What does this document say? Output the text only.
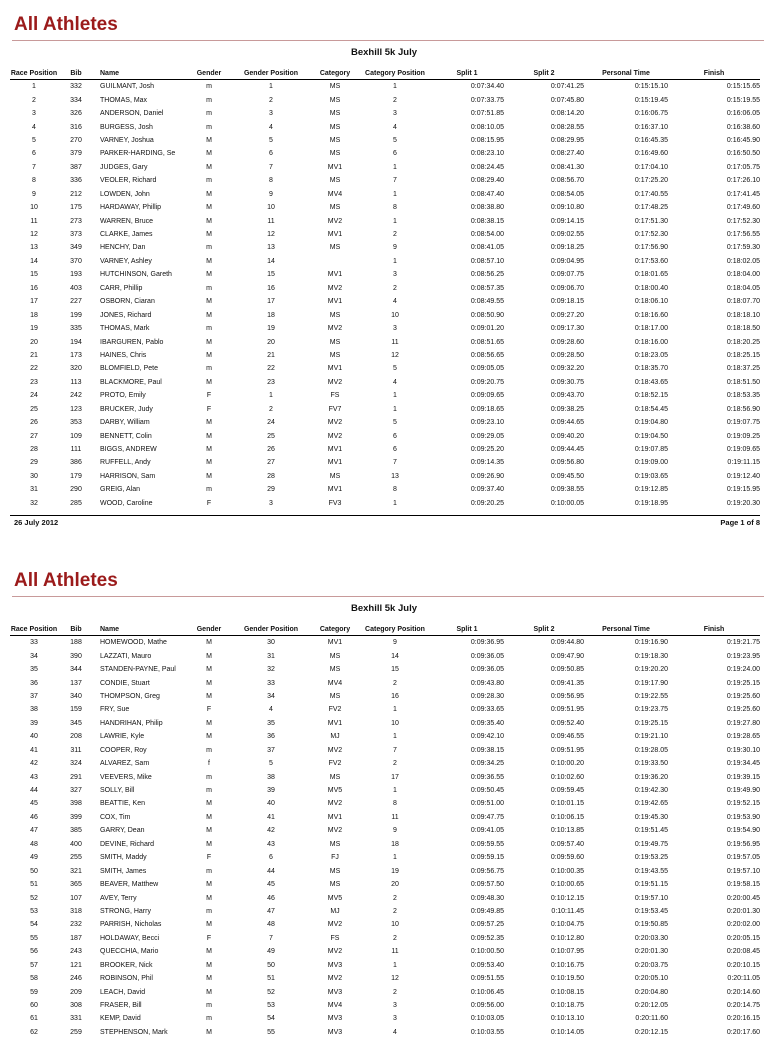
All Athletes
Bexhill 5k July
Race Position	Bib	Name	Gender	Gender Position	Category	Category Position	Split 1	Split 2	Personal Time	Finish
1	332	GUILMANT, Josh	m	1	MS	1	0:07:34.40	0:07:41.25	0:15:15.10	0:15:15.65
2	334	THOMAS, Max	m	2	MS	2	0:07:33.75	0:07:45.80	0:15:19.45	0:15:19.55
3	326	ANDERSON, Daniel	m	3	MS	3	0:07:51.85	0:08:14.20	0:16:06.75	0:16:06.05
4	316	BURGESS, Josh	m	4	MS	4	0:08:10.05	0:08:28.55	0:16:37.10	0:16:38.60
5	270	VARNEY, Joshua	M	5	MS	5	0:08:15.95	0:08:29.95	0:16:45.35	0:16:45.90
6	379	PARKER-HARDING, Se	M	6	MS	6	0:08:23.10	0:08:27.40	0:16:49.60	0:16:50.50
7	387	JUDGES, Gary	M	7	MV1	1	0:08:24.45	0:08:41.30	0:17:04.10	0:17:05.75
8	336	VEOLER, Richard	m	8	MS	7	0:08:29.40	0:08:56.70	0:17:25.20	0:17:26.10
9	212	LOWDEN, John	M	9	MV4	1	0:08:47.40	0:08:54.05	0:17:40.55	0:17:41.45
10	175	HARDAWAY, Phillip	M	10	MS	8	0:08:38.80	0:09:10.80	0:17:48.25	0:17:49.60
11	273	WARREN, Bruce	M	11	MV2	1	0:08:38.15	0:09:14.15	0:17:51.30	0:17:52.30
12	373	CLARKE, James	M	12	MV1	2	0:08:54.00	0:09:02.55	0:17:52.30	0:17:56.55
13	349	HENCHY, Dan	m	13	MS	9	0:08:41.05	0:09:18.25	0:17:56.90	0:17:59.30
14	370	VARNEY, Ashley	M	14		1	0:08:57.10	0:09:04.95	0:17:53.60	0:18:02.05
15	193	HUTCHINSON, Gareth	M	15	MV1	3	0:08:56.25	0:09:07.75	0:18:01.65	0:18:04.00
16	403	CARR, Phillip	m	16	MV2	2	0:08:57.35	0:09:06.70	0:18:00.40	0:18:04.05
17	227	OSBORN, Ciaran	M	17	MV1	4	0:08:49.55	0:09:18.15	0:18:06.10	0:18:07.70
18	199	JONES, Richard	M	18	MS	10	0:08:50.90	0:09:27.20	0:18:16.60	0:18:18.10
19	335	THOMAS, Mark	m	19	MV2	3	0:09:01.20	0:09:17.30	0:18:17.00	0:18:18.50
20	194	IBARGUREN, Pablo	M	20	MS	11	0:08:51.65	0:09:28.60	0:18:16.00	0:18:20.25
21	173	HAINES, Chris	M	21	MS	12	0:08:56.65	0:09:28.50	0:18:23.05	0:18:25.15
22	320	BLOMFIELD, Pete	m	22	MV1	5	0:09:05.05	0:09:32.20	0:18:35.70	0:18:37.25
23	113	BLACKMORE, Paul	M	23	MV2	4	0:09:20.75	0:09:30.75	0:18:43.65	0:18:51.50
24	242	PROTO, Emily	F	1	FS	1	0:09:09.65	0:09:43.70	0:18:52.15	0:18:53.35
25	123	BRUCKER, Judy	F	2	FV7	1	0:09:18.65	0:09:38.25	0:18:54.45	0:18:56.90
26	353	DARBY, William	M	24	MV2	5	0:09:23.10	0:09:44.65	0:19:04.80	0:19:07.75
27	109	BENNETT, Colin	M	25	MV2	6	0:09:29.05	0:09:40.20	0:19:04.50	0:19:09.25
28	111	BIGGS, ANDREW	M	26	MV1	6	0:09:25.20	0:09:44.45	0:19:07.85	0:19:09.65
29	386	RUFFELL, Andy	M	27	MV1	7	0:09:14.35	0:09:56.80	0:19:09.00	0:19:11.15
30	179	HARRISON, Sam	M	28	MS	13	0:09:26.90	0:09:45.50	0:19:03.65	0:19:12.40
31	290	GREIG, Alan	m	29	MV1	8	0:09:37.40	0:09:38.55	0:19:12.85	0:19:15.95
32	285	WOOD, Caroline	F	3	FV3	1	0:09:20.25	0:10:00.05	0:19:18.95	0:19:20.30
26 July 2012	Page 1 of 8
All Athletes
Bexhill 5k July
Race Position	Bib	Name	Gender	Gender Position	Category	Category Position	Split 1	Split 2	Personal Time	Finish
33	188	HOMEWOOD, Mathe	M	30	MV1	9	0:09:36.95	0:09:44.80	0:19:16.90	0:19:21.75
34	390	LAZZATI, Mauro	M	31	MS	14	0:09:36.05	0:09:47.90	0:19:18.30	0:19:23.95
35	344	STANDEN-PAYNE, Paul	M	32	MS	15	0:09:36.05	0:09:50.85	0:19:20.20	0:19:24.00
36	137	CONDIE, Stuart	M	33	MV4	2	0:09:43.80	0:09:41.35	0:19:17.90	0:19:25.15
37	340	THOMPSON, Greg	M	34	MS	16	0:09:28.30	0:09:56.95	0:19:22.55	0:19:25.60
38	159	FRY, Sue	F	4	FV2	1	0:09:33.65	0:09:51.95	0:19:23.75	0:19:25.60
39	345	HANDRIHAN, Philip	M	35	MV1	10	0:09:35.40	0:09:52.40	0:19:25.15	0:19:27.80
40	208	LAWRIE, Kyle	M	36	MJ	1	0:09:42.10	0:09:46.55	0:19:21.10	0:19:28.65
41	311	COOPER, Roy	m	37	MV2	7	0:09:38.15	0:09:51.95	0:19:28.05	0:19:30.10
42	324	ALVAREZ, Sam	f	5	FV2	2	0:09:34.25	0:10:00.20	0:19:33.50	0:19:34.45
43	291	VEEVERS, Mike	m	38	MS	17	0:09:36.55	0:10:02.60	0:19:36.20	0:19:39.15
44	327	SOLLY, Bill	m	39	MV5	1	0:09:50.45	0:09:59.45	0:19:42.30	0:19:49.90
45	398	BEATTIE, Ken	M	40	MV2	8	0:09:51.00	0:10:01.15	0:19:42.65	0:19:52.15
46	399	COX, Tim	M	41	MV1	11	0:09:47.75	0:10:06.15	0:19:45.30	0:19:53.90
47	385	GARRY, Dean	M	42	MV2	9	0:09:41.05	0:10:13.85	0:19:51.45	0:19:54.90
48	400	DEVINE, Richard	M	43	MS	18	0:09:59.55	0:09:57.40	0:19:49.75	0:19:56.95
49	255	SMITH, Maddy	F	6	FJ	1	0:09:59.15	0:09:59.60	0:19:53.25	0:19:57.05
50	321	SMITH, James	m	44	MS	19	0:09:56.75	0:10:00.35	0:19:43.55	0:19:57.10
51	365	BEAVER, Matthew	M	45	MS	20	0:09:57.50	0:10:00.65	0:19:51.15	0:19:58.15
52	107	AVEY, Terry	M	46	MV5	2	0:09:48.30	0:10:12.15	0:19:57.10	0:20:00.45
53	318	STRONG, Harry	m	47	MJ	2	0:09:49.85	0:10:11.45	0:19:53.45	0:20:01.30
54	232	PARRISH, Nicholas	M	48	MV2	10	0:09:57.25	0:10:04.75	0:19:50.85	0:20:02.00
55	187	HOLDAWAY, Becci	F	7	FS	2	0:09:52.35	0:10:12.80	0:20:03.30	0:20:05.15
56	243	QUECCHIA, Mario	M	49	MV2	11	0:10:00.50	0:10:07.95	0:20:01.30	0:20:08.45
57	121	BROOKER, Nick	M	50	MV3	1	0:09:53.40	0:10:16.75	0:20:03.75	0:20:10.15
58	246	ROBINSON, Phil	M	51	MV2	12	0:09:51.55	0:10:19.50	0:20:05.10	0:20:11.05
59	209	LEACH, David	M	52	MV3	2	0:10:06.45	0:10:08.15	0:20:04.80	0:20:14.60
60	308	FRASER, Bill	m	53	MV4	3	0:09:56.00	0:10:18.75	0:20:12.05	0:20:14.75
61	331	KEMP, David	m	54	MV3	3	0:10:03.05	0:10:13.10	0:20:11.60	0:20:16.15
62	259	STEPHENSON, Mark	M	55	MV3	4	0:10:03.55	0:10:14.05	0:20:12.15	0:20:17.60
